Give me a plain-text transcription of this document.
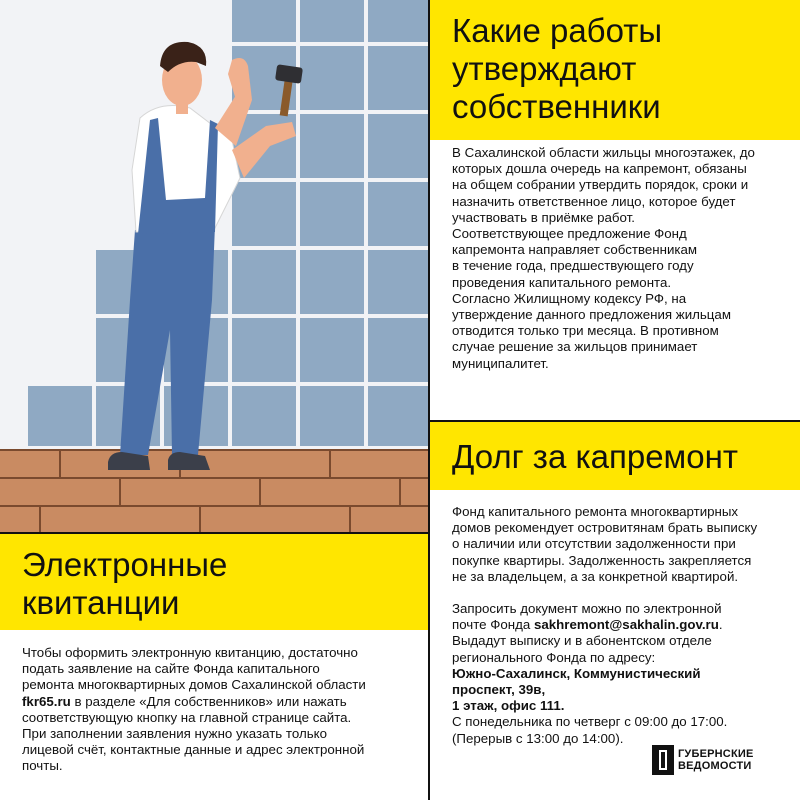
Какие работы
утверждают
собственники

В Сахалинской области жильцы многоэтажек, до

которых дошла очередь на капремонт, обязаны

на общем собрании утвердить порядок, сроки и

назначить ответственное лицо, которое будет

участвовать в приёмке работ.

Соответствующее предложение Фонд

капремонта направляет собственникам

в течение года, предшествующего году

проведения капитального ремонта.

Согласно Жилищному кодексу РФ, на

утверждение данного предложения жильцам

отводится только три месяца. В противном

случае решение за жильцов принимает

муниципалитет.

Долг за капремонт

Фонд капитального ремонта многоквартирных

домов рекомендует островитянам брать выписку

о наличии или отсутствии задолженности при

покупке квартиры. Задолженность закрепляется

не за владельцем, а за конкретной квартирой.

Запросить документ можно по электронной

почте Фонда sakhremont@sakhalin.gov.ru.

Выдадут выписку и в абонентском отделе

регионального Фонда по адресу:

Южно-Сахалинск, Коммунистический

проспект, 39в,

1 этаж, офис 111.

С понедельника по четверг с 09:00 до 17:00.

(Перерыв с 13:00 до 14:00).

Электронные
квитанции

Чтобы оформить электронную квитанцию, достаточно

подать заявление на сайте Фонда капитального

ремонта многоквартирных домов Сахалинской области

fkr65.ru в разделе «Для собственников» или нажать

соответствующую кнопку на главной странице сайта.

При заполнении заявления нужно указать только

лицевой счёт, контактные данные и адрес электронной

почты.

ГУБЕРНСКИЕ
ВЕДОМОСТИ
